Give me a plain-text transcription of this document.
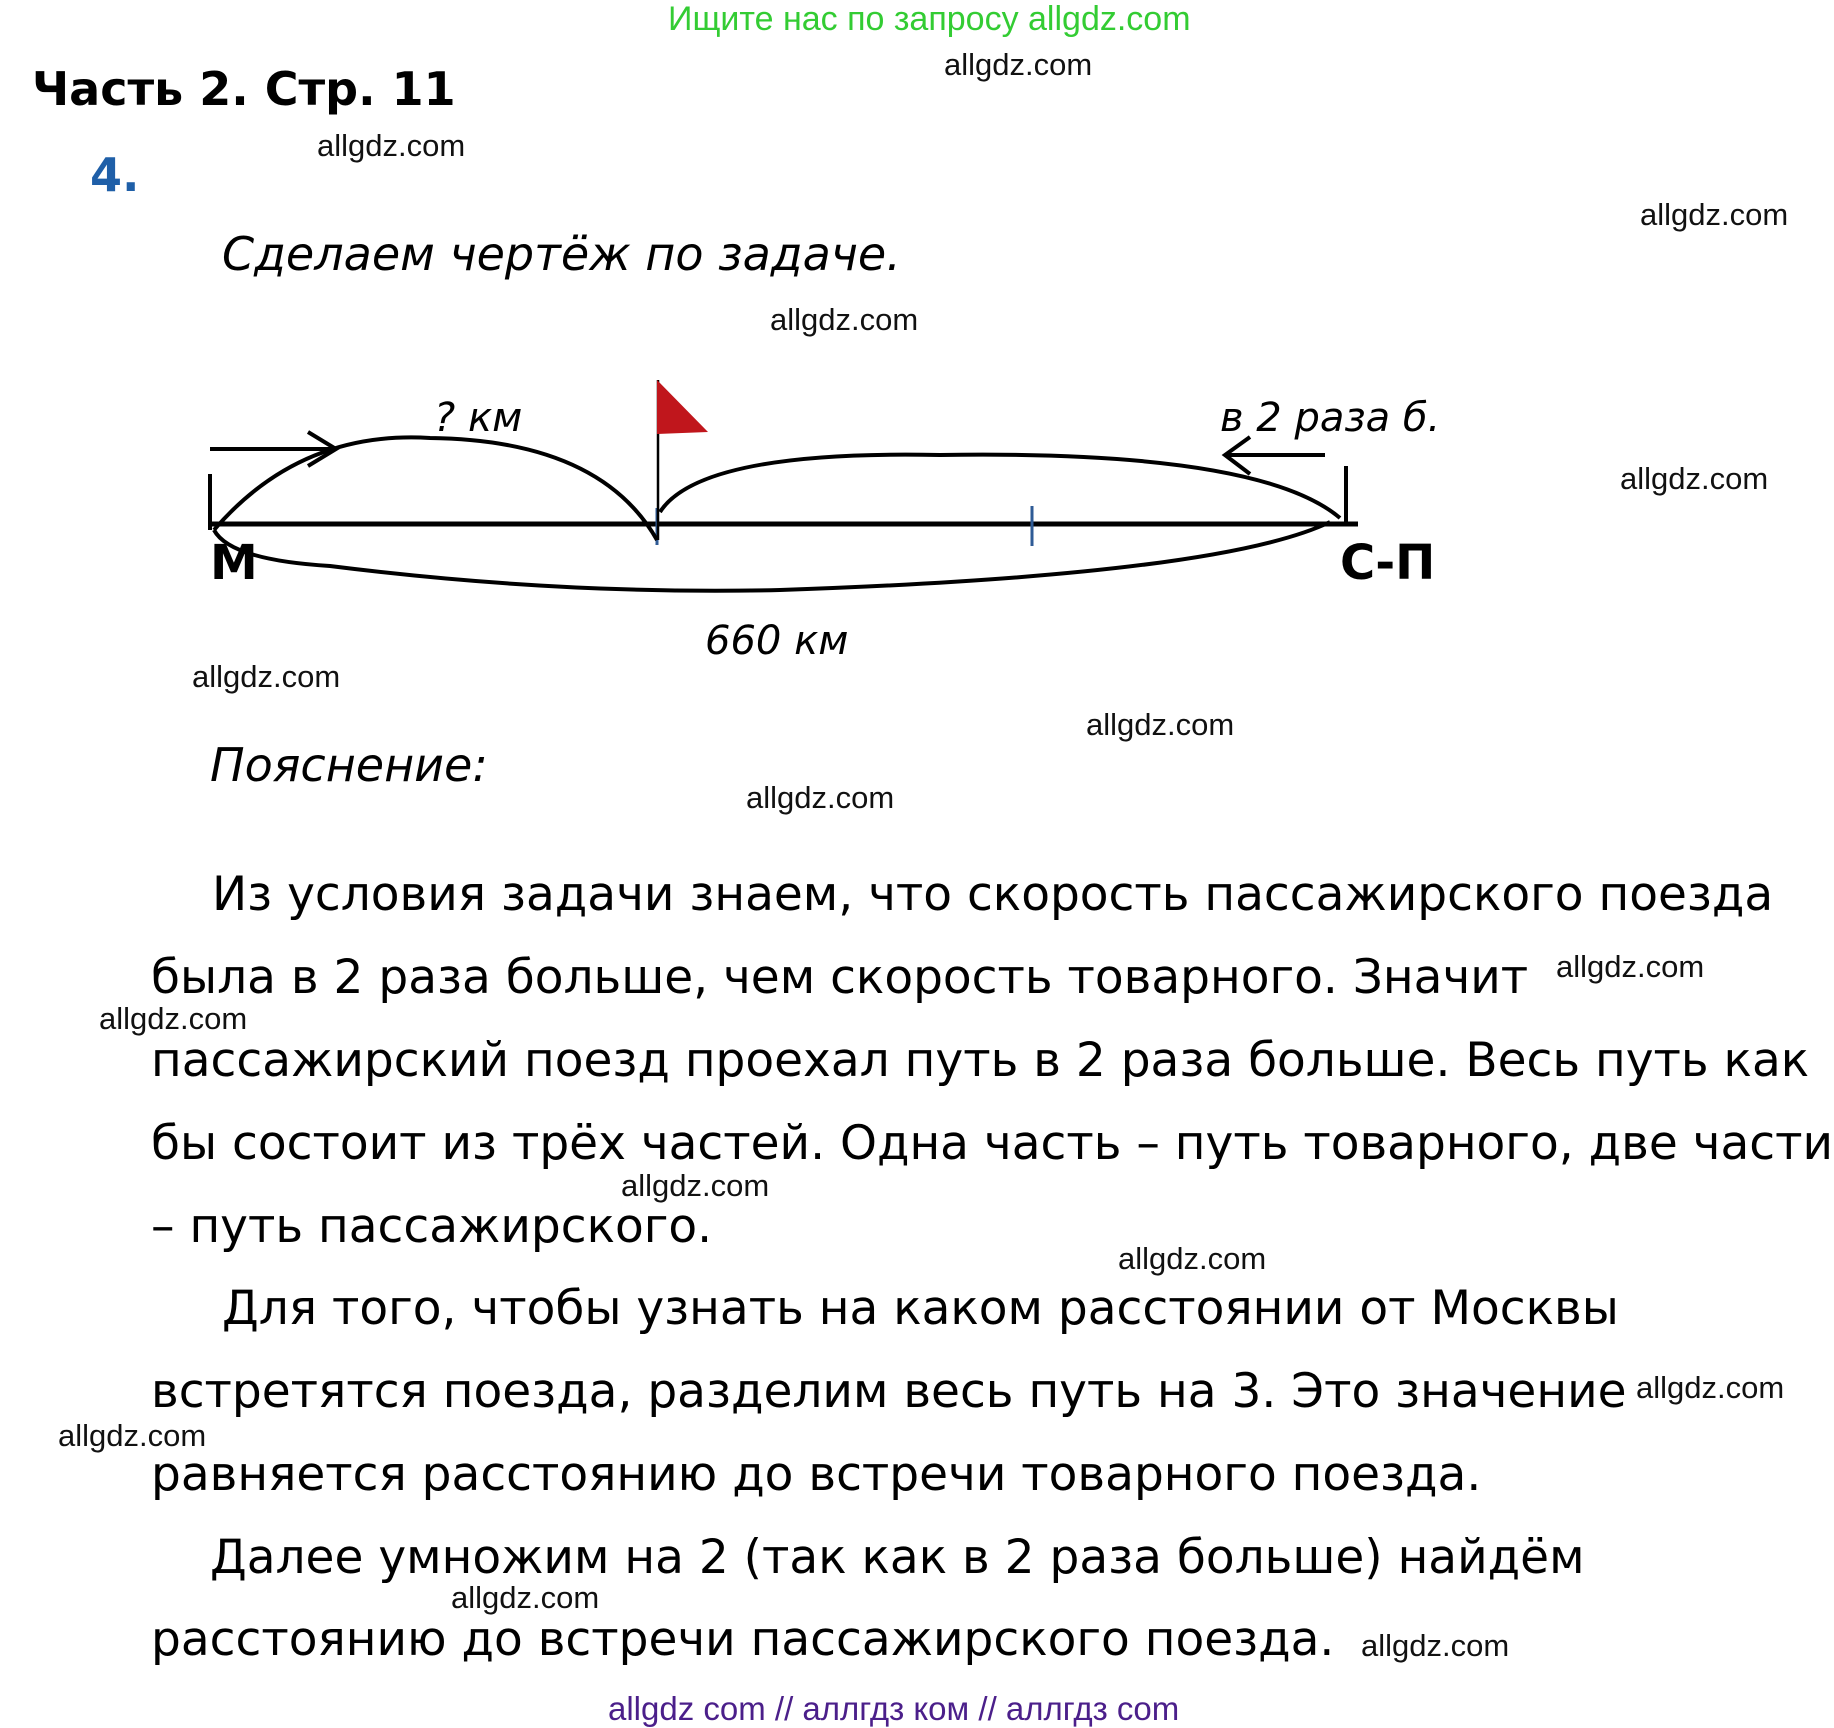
Ищите нас по запросу allgdz.com
Часть 2. Стр. 11
4.
Сделаем чертёж по задаче.
? км	в 2 раза б.
М	С-П
660 км
Пояснение:
Из условия задачи знаем, что скорость пассажирского поезда
была в 2 раза больше, чем скорость товарного. Значит
пассажирский поезд проехал путь в 2 раза больше. Весь путь как
бы состоит из трёх частей. Одна часть – путь товарного, две части
– путь пассажирского.
Для того, чтобы узнать на каком расстоянии от Москвы
встретятся поезда, разделим весь путь на 3. Это значение
равняется расстоянию до встречи товарного поезда.
Далее умножим на 2 (так как в 2 раза больше) найдём
расстоянию до встречи пассажирского поезда.
allgdz.com
allgdz.com
allgdz.com
allgdz.com
allgdz.com
allgdz.com
allgdz.com
allgdz.com
allgdz.com
allgdz.com
allgdz.com
allgdz.com
allgdz.com
allgdz.com
allgdz.com
allgdz.com
allgdz com // аллгдз ком // аллгдз com
